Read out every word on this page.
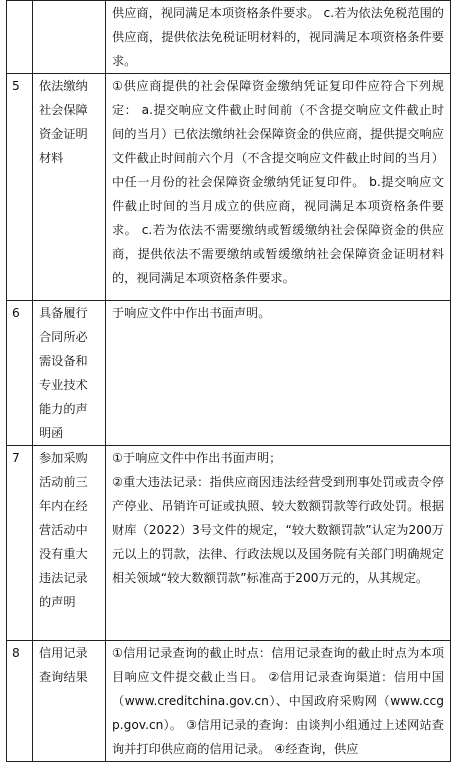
		供应商，视同满足本项资格条件要求。 c.若为依法免税范围的供应商，提供依法免税证明材料的，视同满足本项资格条件要求。

5	依法缴纳社会保障资金证明材料	①供应商提供的社会保障资金缴纳凭证复印件应符合下列规定： a.提交响应文件截止时间前（不含提交响应文件截止时间的当月）已依法缴纳社会保障资金的供应商，提供提交响应文件截止时间前六个月（不含提交响应文件截止时间的当月）中任一月份的社会保障资金缴纳凭证复印件。 b.提交响应文件截止时间的当月成立的供应商，视同满足本项资格条件要求。 c.若为依法不需要缴纳或暂缓缴纳社会保障资金的供应商，提供依法不需要缴纳或暂缓缴纳社会保障资金证明材料的，视同满足本项资格条件要求。

6	具备履行合同所必需设备和专业技术能力的声明函	于响应文件中作出书面声明。

7	参加采购活动前三年内在经营活动中没有重大违法记录的声明	①于响应文件中作出书面声明；
②重大违法记录：指供应商因违法经营受到刑事处罚或责令停产停业、吊销许可证或执照、较大数额罚款等行政处罚。根据财库（2022）3号文件的规定，“较大数额罚款”认定为200万元以上的罚款，法律、行政法规以及国务院有关部门明确规定相关领域“较大数额罚款”标准高于200万元的，从其规定。

8	信用记录查询结果	①信用记录查询的截止时点：信用记录查询的截止时点为本项目响应文件提交截止当日。 ②信用记录查询渠道：信用中国（www.creditchina.gov.cn）、中国政府采购网（www.ccgp.gov.cn）。 ③信用记录的查询：由谈判小组通过上述网站查询并打印供应商的信用记录。 ④经查询，供应
